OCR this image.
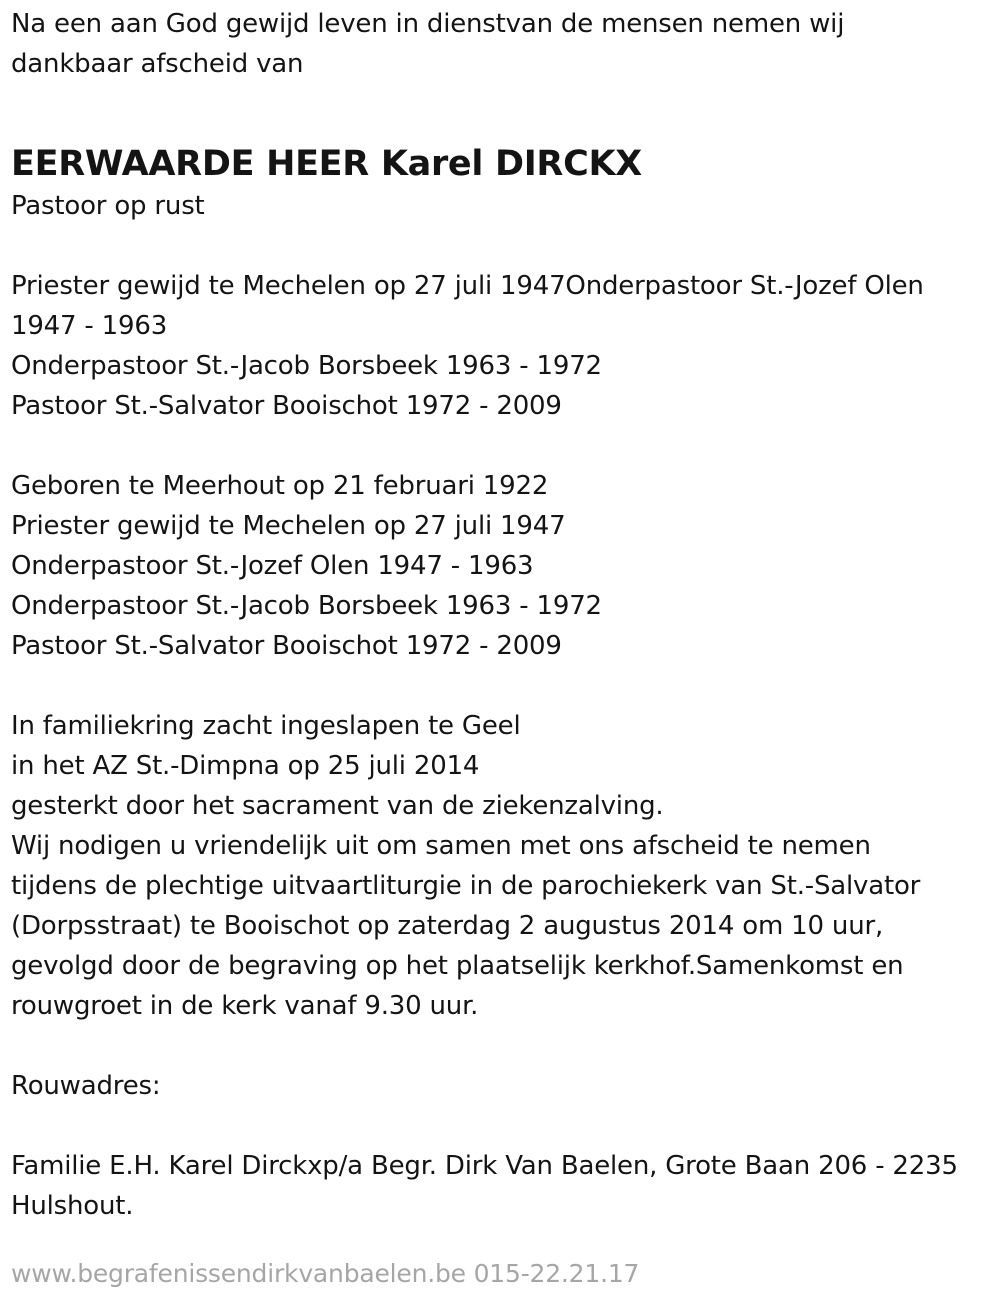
Na een aan God gewijd leven in dienstvan de mensen nemen wij
dankbaar afscheid van
EERWAARDE HEER Karel DIRCKX
Pastoor op rust
Priester gewijd te Mechelen op 27 juli 1947Onderpastoor St.-Jozef Olen
1947 - 1963
Onderpastoor St.-Jacob Borsbeek 1963 - 1972
Pastoor St.-Salvator Booischot 1972 - 2009
Geboren te Meerhout op 21 februari 1922
Priester gewijd te Mechelen op 27 juli 1947
Onderpastoor St.-Jozef Olen 1947 - 1963
Onderpastoor St.-Jacob Borsbeek 1963 - 1972
Pastoor St.-Salvator Booischot 1972 - 2009
In familiekring zacht ingeslapen te Geel
in het AZ St.-Dimpna op 25 juli 2014
gesterkt door het sacrament van de ziekenzalving.
Wij nodigen u vriendelijk uit om samen met ons afscheid te nemen
tijdens de plechtige uitvaartliturgie in de parochiekerk van St.-Salvator
(Dorpsstraat) te Booischot op zaterdag 2 augustus 2014 om 10 uur,
gevolgd door de begraving op het plaatselijk kerkhof.Samenkomst en
rouwgroet in de kerk vanaf 9.30 uur.
Rouwadres:
Familie E.H. Karel Dirckxp/a Begr. Dirk Van Baelen, Grote Baan 206 - 2235
Hulshout.
www.begrafenissendirkvanbaelen.be 015-22.21.17
